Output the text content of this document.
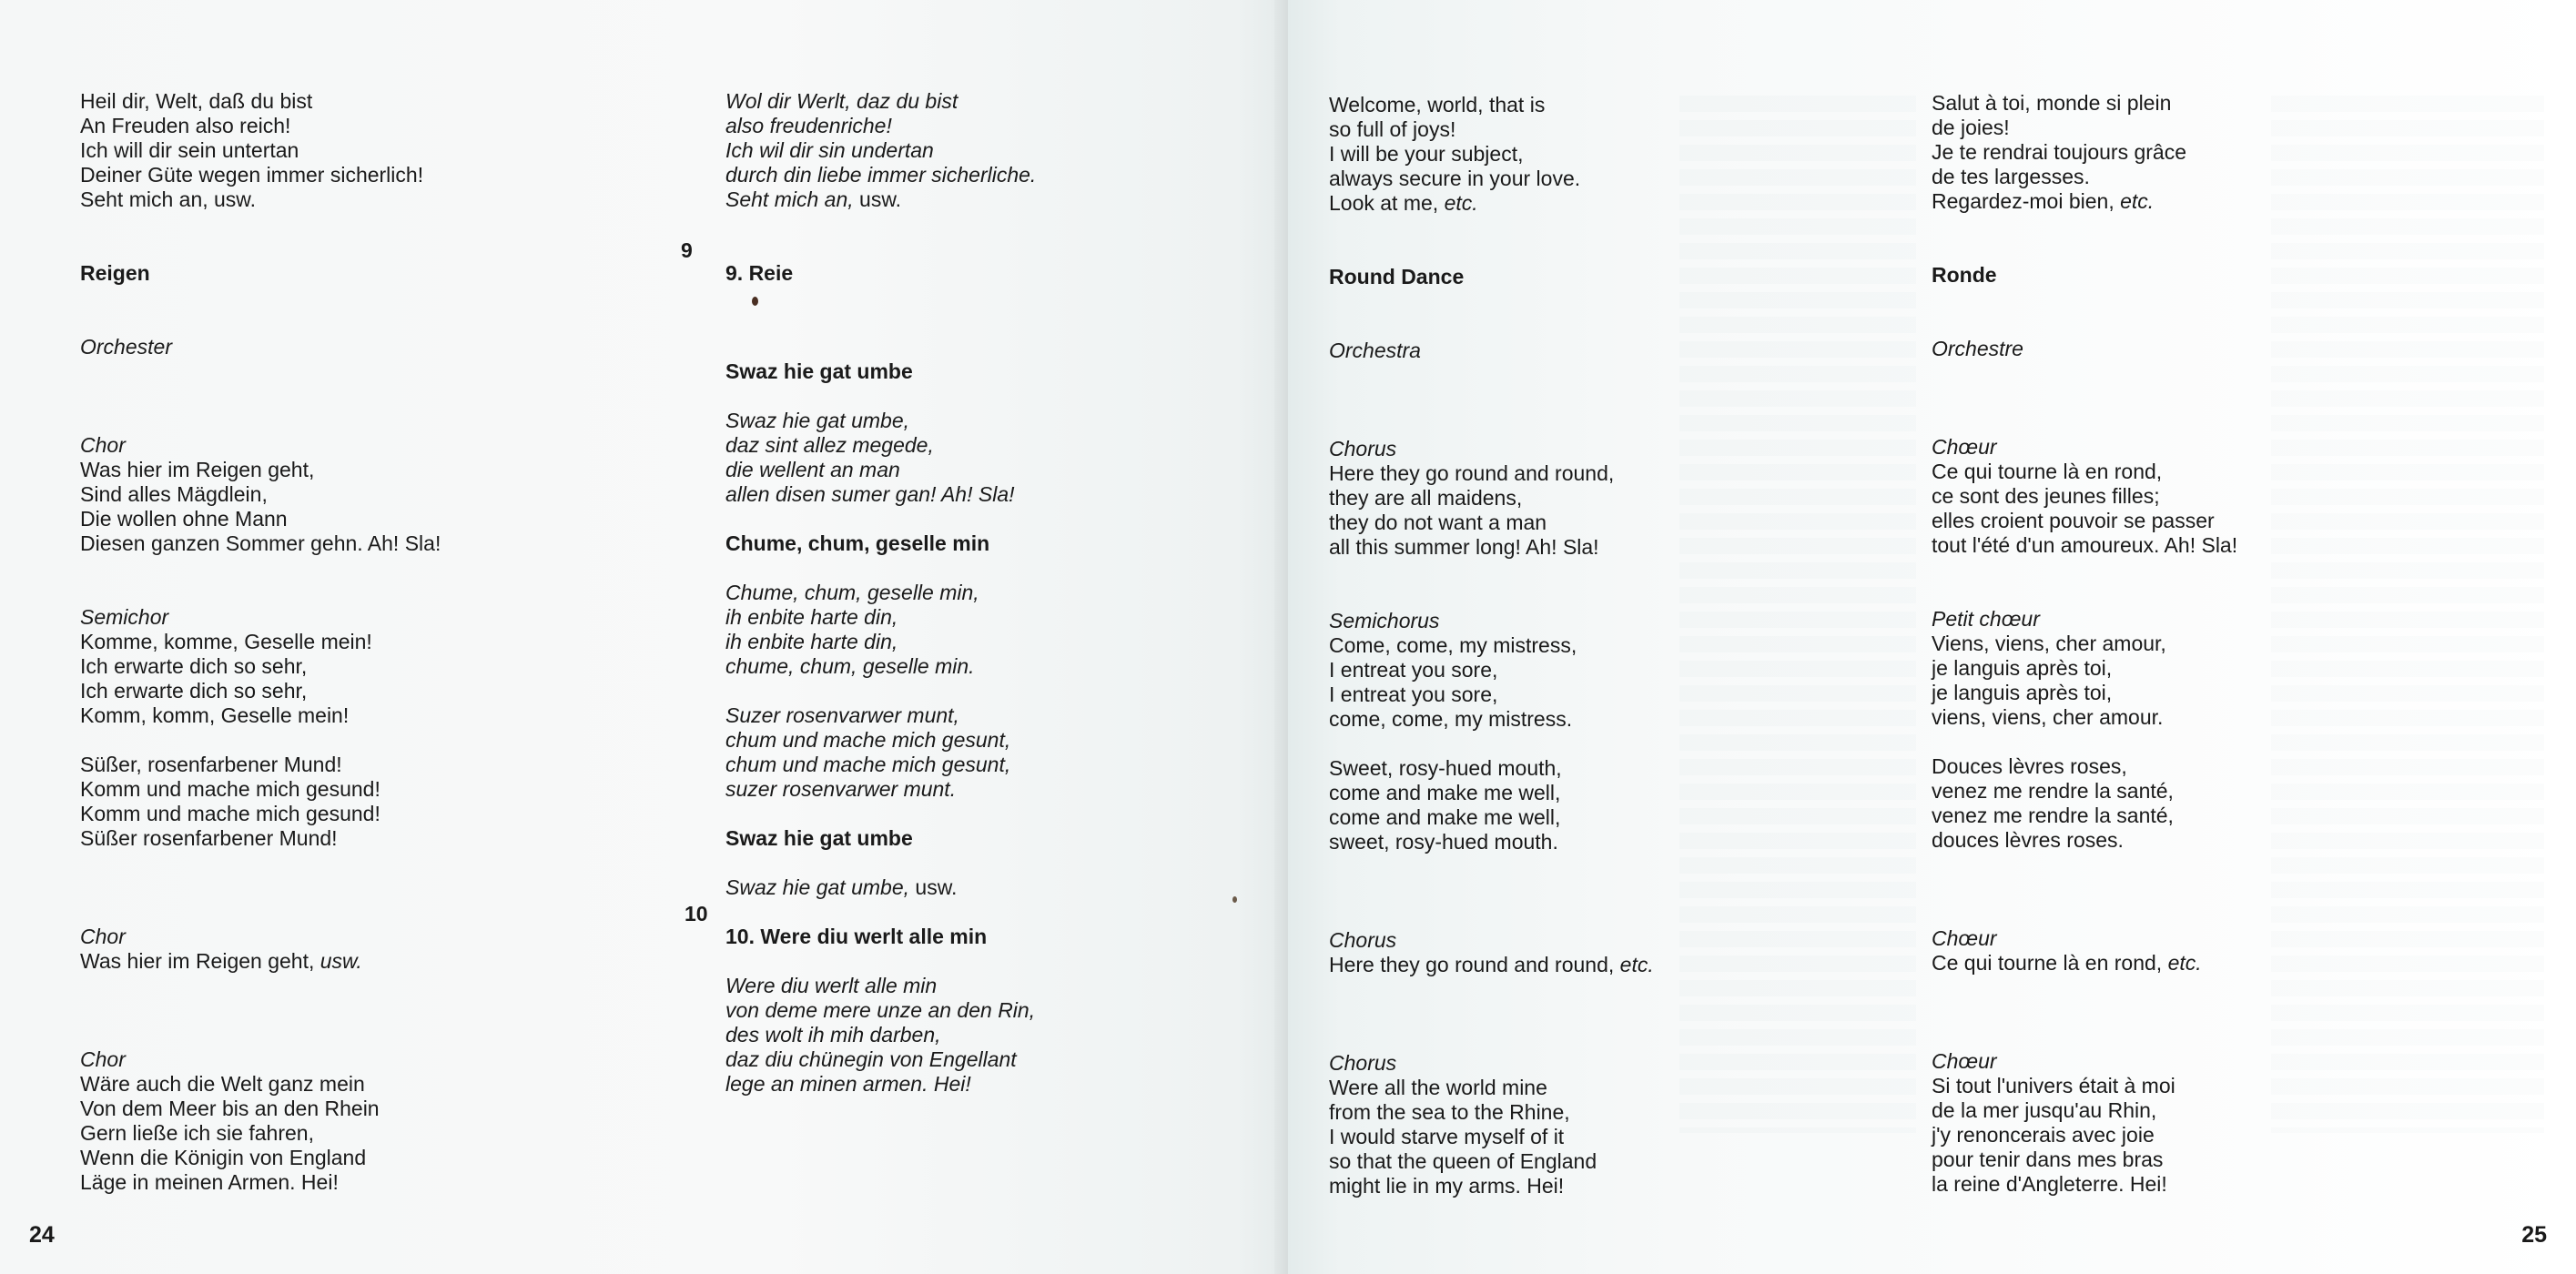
Heil dir, Welt, daß du bist
An Freuden also reich!
Ich will dir sein untertan
Deiner Güte wegen immer sicherlich!
Seht mich an, usw.
Reigen
Orchester
Chor
Was hier im Reigen geht,
Sind alles Mägdlein,
Die wollen ohne Mann
Diesen ganzen Sommer gehn. Ah! Sla!
Semichor
Komme, komme, Geselle mein!
Ich erwarte dich so sehr,
Ich erwarte dich so sehr,
Komm, komm, Geselle mein!
Süßer, rosenfarbener Mund!
Komm und mache mich gesund!
Komm und mache mich gesund!
Süßer rosenfarbener Mund!
Chor
Was hier im Reigen geht, usw.
Chor
Wäre auch die Welt ganz mein
Von dem Meer bis an den Rhein
Gern ließe ich sie fahren,
Wenn die Königin von England
Läge in meinen Armen. Hei!
9
10
Wol dir Werlt, daz du bist
also freudenriche!
Ich wil dir sin undertan
durch din liebe immer sicherliche.
Seht mich an, usw.
9. Reie
Swaz hie gat umbe
Swaz hie gat umbe,
daz sint allez megede,
die wellent an man
allen disen sumer gan! Ah! Sla!
Chume, chum, geselle min
Chume, chum, geselle min,
ih enbite harte din,
ih enbite harte din,
chume, chum, geselle min.
Suzer rosenvarwer munt,
chum und mache mich gesunt,
chum und mache mich gesunt,
suzer rosenvarwer munt.
Swaz hie gat umbe
Swaz hie gat umbe, usw.
10. Were diu werlt alle min
Were diu werlt alle min
von deme mere unze an den Rin,
des wolt ih mih darben,
daz diu chünegin von Engellant
lege an minen armen. Hei!
24
Welcome, world, that is
so full of joys!
I will be your subject,
always secure in your love.
Look at me, etc.
Round Dance
Orchestra
Chorus
Here they go round and round,
they are all maidens,
they do not want a man
all this summer long! Ah! Sla!
Semichorus
Come, come, my mistress,
I entreat you sore,
I entreat you sore,
come, come, my mistress.
Sweet, rosy-hued mouth,
come and make me well,
come and make me well,
sweet, rosy-hued mouth.
Chorus
Here they go round and round, etc.
Chorus
Were all the world mine
from the sea to the Rhine,
I would starve myself of it
so that the queen of England
might lie in my arms. Hei!
Salut à toi, monde si plein
de joies!
Je te rendrai toujours grâce
de tes largesses.
Regardez-moi bien, etc.
Ronde
Orchestre
Chœur
Ce qui tourne là en rond,
ce sont des jeunes filles;
elles croient pouvoir se passer
tout l'été d'un amoureux. Ah! Sla!
Petit chœur
Viens, viens, cher amour,
je languis après toi,
je languis après toi,
viens, viens, cher amour.
Douces lèvres roses,
venez me rendre la santé,
venez me rendre la santé,
douces lèvres roses.
Chœur
Ce qui tourne là en rond, etc.
Chœur
Si tout l'univers était à moi
de la mer jusqu'au Rhin,
j'y renoncerais avec joie
pour tenir dans mes bras
la reine d'Angleterre. Hei!
25
